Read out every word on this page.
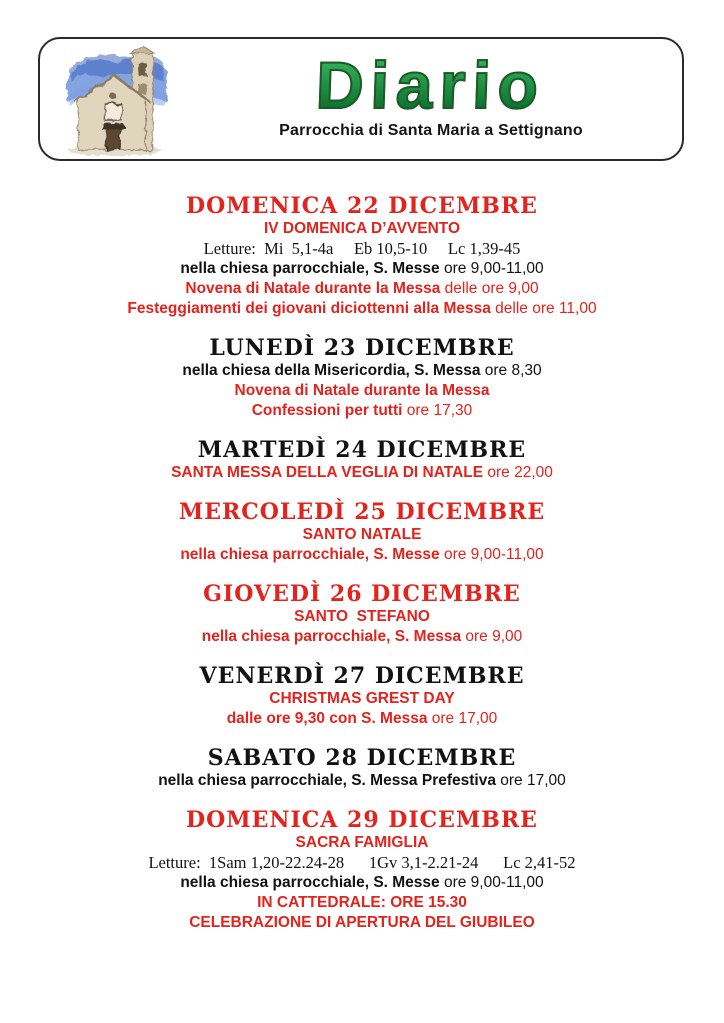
Diario
Parrocchia di Santa Maria a Settignano
DOMENICA 22 DICEMBRE

IV DOMENICA D’AVVENTO

Letture:  Mi  5,1-4a     Eb 10,5-10     Lc 1,39-45

nella chiesa parrocchiale, S. Messe ore 9,00-11,00

Novena di Natale durante la Messa delle ore 9,00

Festeggiamenti dei giovani diciottenni alla Messa delle ore 11,00

LUNEDÌ 23 DICEMBRE

nella chiesa della Misericordia, S. Messa ore 8,30

Novena di Natale durante la Messa

Confessioni per tutti ore 17,30

MARTEDÌ 24 DICEMBRE

SANTA MESSA DELLA VEGLIA DI NATALE ore 22,00

MERCOLEDÌ 25 DICEMBRE

SANTO NATALE

nella chiesa parrocchiale, S. Messe ore 9,00-11,00

GIOVEDÌ 26 DICEMBRE

SANTO  STEFANO

nella chiesa parrocchiale, S. Messa ore 9,00

VENERDÌ 27 DICEMBRE

CHRISTMAS GREST DAY

dalle ore 9,30 con S. Messa ore 17,00

SABATO 28 DICEMBRE

nella chiesa parrocchiale, S. Messa Prefestiva ore 17,00

DOMENICA 29 DICEMBRE

SACRA FAMIGLIA

Letture:  1Sam 1,20-22.24-28      1Gv 3,1-2.21-24      Lc 2,41-52

nella chiesa parrocchiale, S. Messe ore 9,00-11,00

IN CATTEDRALE: ORE 15.30

CELEBRAZIONE DI APERTURA DEL GIUBILEO
